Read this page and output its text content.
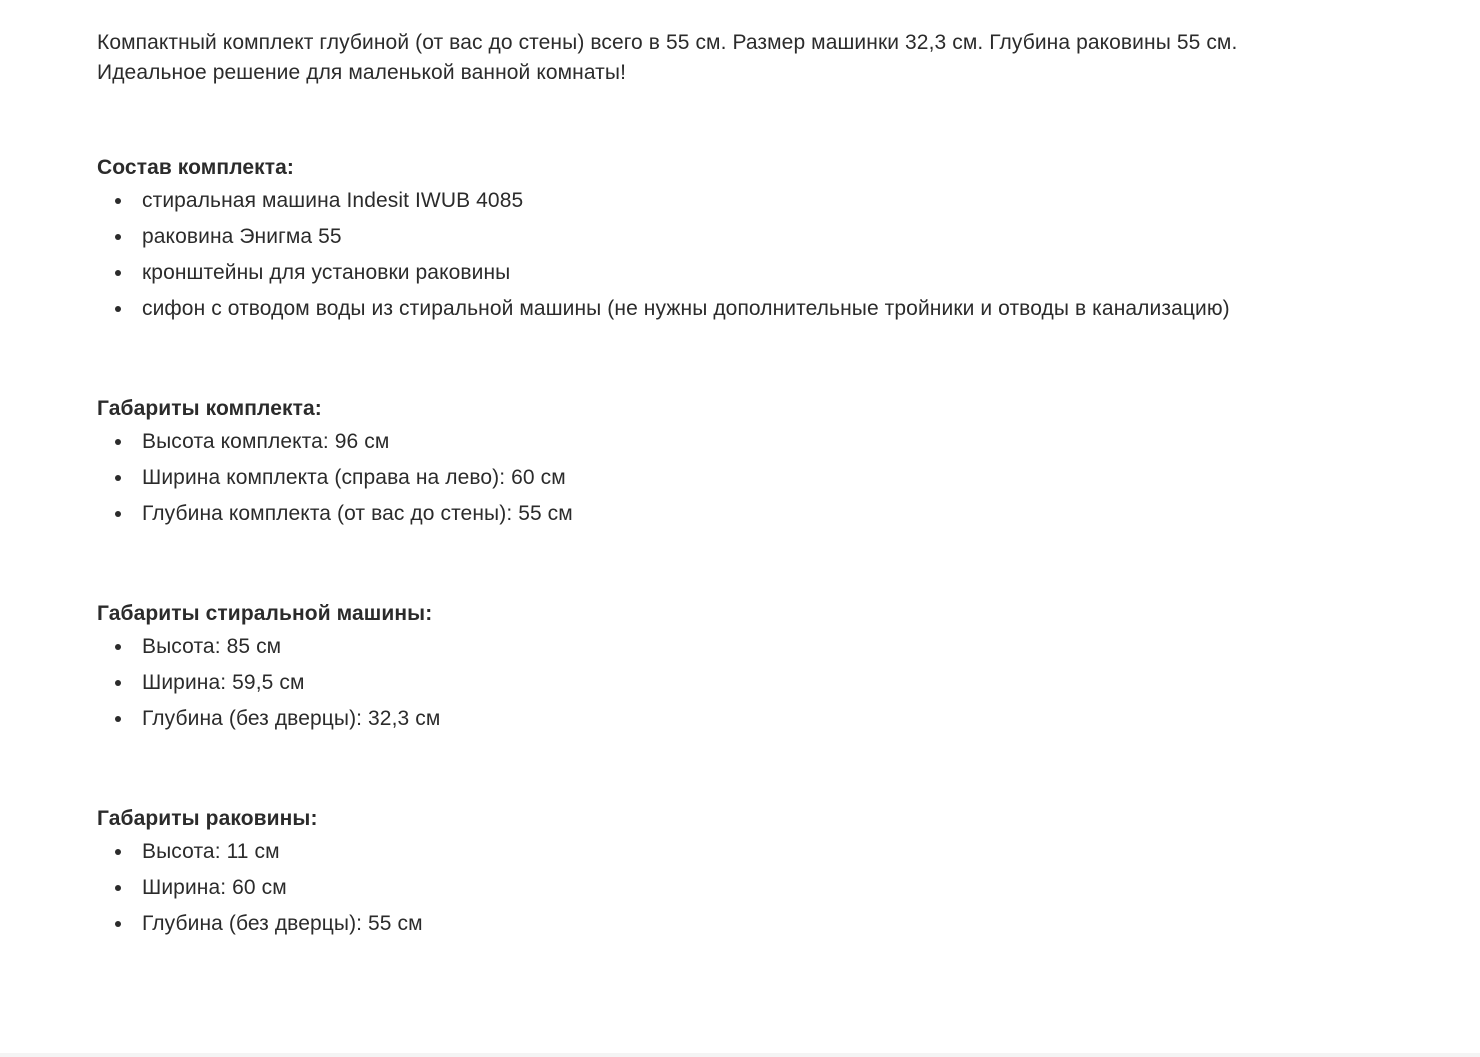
Компактный комплект глубиной (от вас до стены) всего в 55 см. Размер машинки 32,3 см. Глубина раковины 55 см.
Идеальное решение для маленькой ванной комнаты!

Состав комплекта:
стиральная машина Indesit IWUB 4085
раковина Энигма 55
кронштейны для установки раковины
сифон с отводом воды из стиральной машины (не нужны дополнительные тройники и отводы в канализацию)
Габариты комплекта:
Высота комплекта: 96 см
Ширина комплекта (справа на лево): 60 см
Глубина комплекта (от вас до стены): 55 см
Габариты стиральной машины:
Высота: 85 см
Ширина: 59,5 см
Глубина (без дверцы): 32,3 см
Габариты раковины:
Высота: 11 см
Ширина: 60 см
Глубина (без дверцы): 55 см
